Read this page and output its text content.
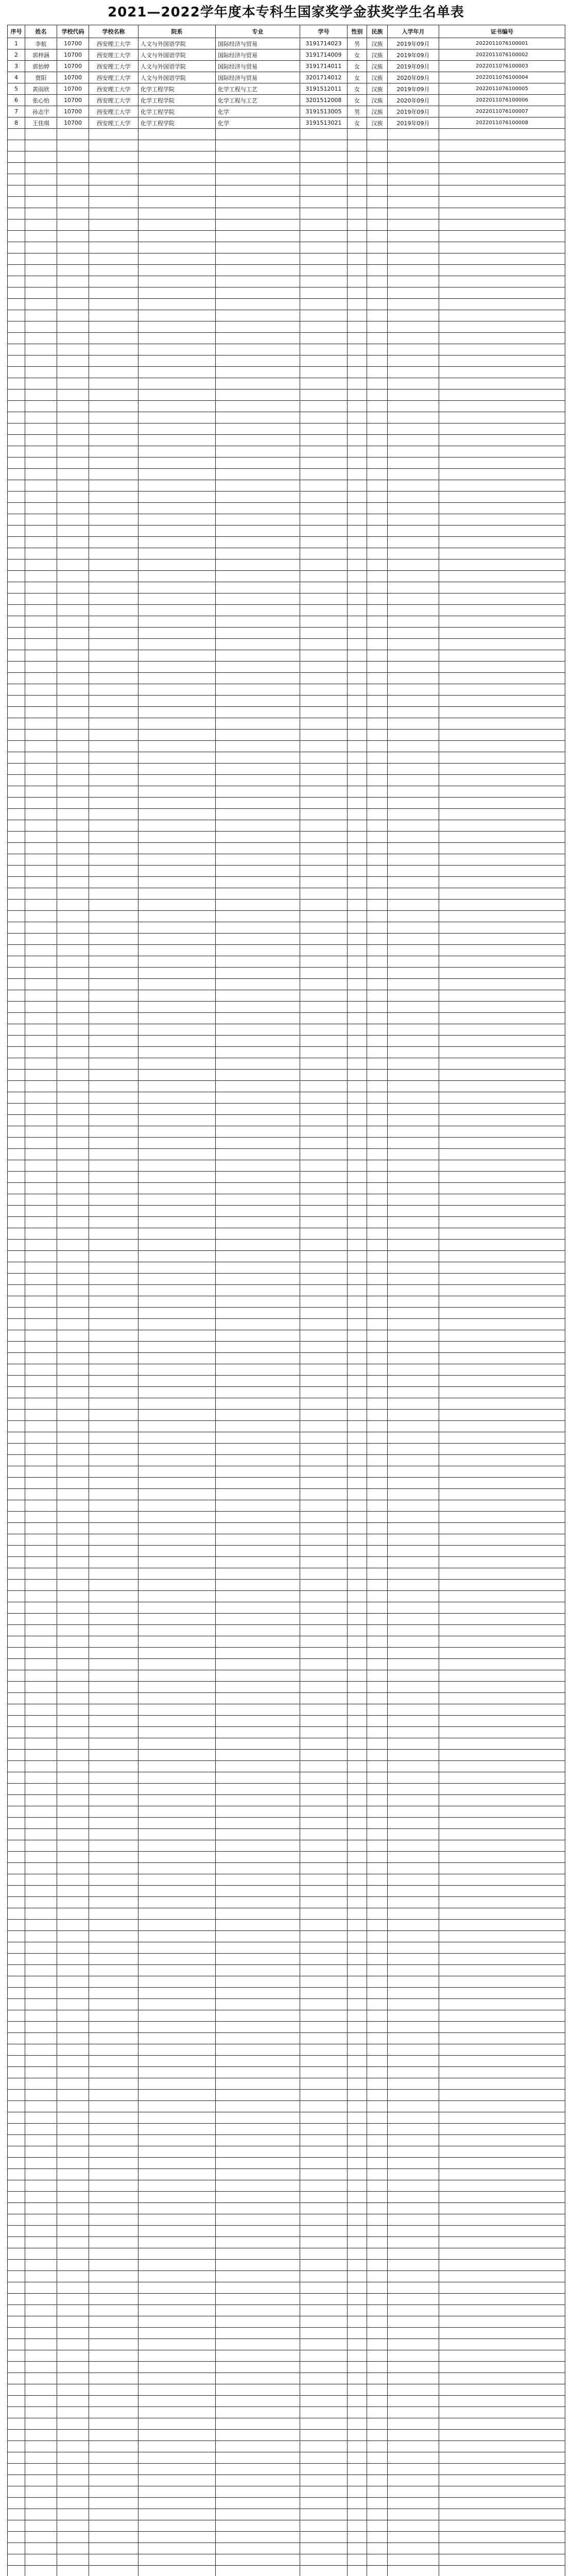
2021—2022学年度本专科生国家奖学金获奖学生名单表
序号	姓名	学校代码	学校名称	院系	专业	学号	性别	民族	入学年月	证书编号
1	李航	10700	西安理工大学	人文与外国语学院	国际经济与贸易	3191714023	男	汉族	2019年09月	2022011076100001
2	郭梓涵	10700	西安理工大学	人文与外国语学院	国际经济与贸易	3191714009	女	汉族	2019年09月	2022011076100002
3	郭怡婷	10700	西安理工大学	人文与外国语学院	国际经济与贸易	3191714011	女	汉族	2019年09月	2022011076100003
4	贾阳	10700	西安理工大学	人文与外国语学院	国际经济与贸易	3201714012	女	汉族	2020年09月	2022011076100004
5	黄雨欣	10700	西安理工大学	化学工程学院	化学工程与工艺	3191512011	女	汉族	2019年09月	2022011076100005
6	张心怡	10700	西安理工大学	化学工程学院	化学工程与工艺	3201512008	女	汉族	2020年09月	2022011076100006
7	孙志宇	10700	西安理工大学	化学工程学院	化学	3191513005	男	汉族	2019年09月	2022011076100007
8	王佳琪	10700	西安理工大学	化学工程学院	化学	3191513021	女	汉族	2019年09月	2022011076100008
